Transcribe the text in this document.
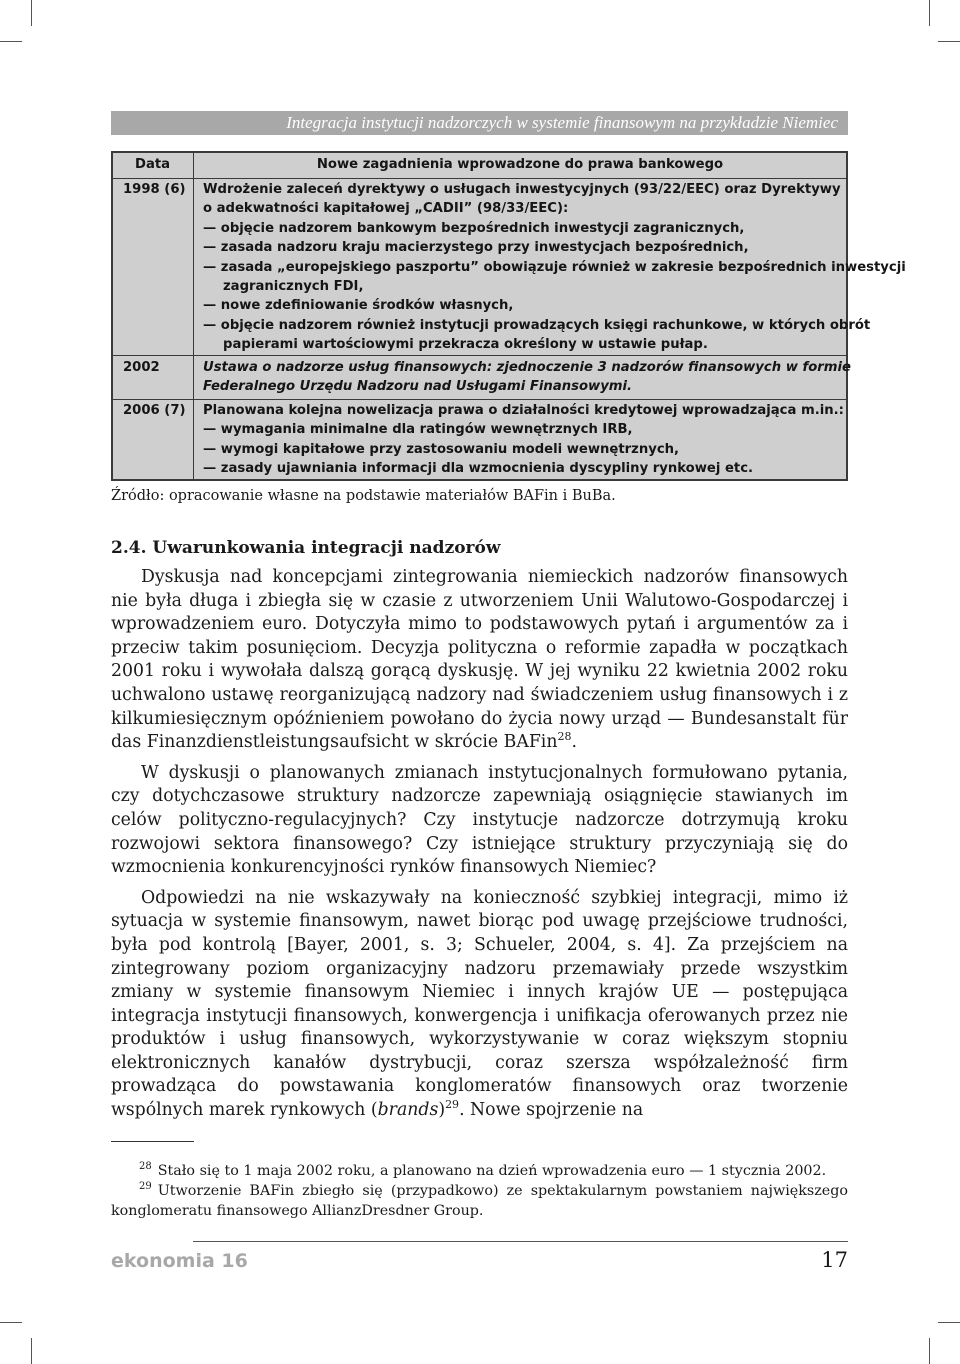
Integracja instytucji nadzorczych w systemie finansowym na przykładzie Niemiec
Data	Nowe zagadnienia wprowadzone do prawa bankowego
1998 (6) Wdrożenie zaleceń dyrektywy o usługach inwestycyjnych (93/22/EEC) oraz Dyrektywy
o adekwatności kapitałowej „CADII” (98/33/EEC):
— objęcie nadzorem bankowym bezpośrednich inwestycji zagranicznych,
— zasada nadzoru kraju macierzystego przy inwestycjach bezpośrednich,
— zasada „europejskiego paszportu” obowiązuje również w zakresie bezpośrednich inwestycji
zagranicznych FDI,
— nowe zdefiniowanie środków własnych,
— objęcie nadzorem również instytucji prowadzących księgi rachunkowe, w których obrót
papierami wartościowymi przekracza określony w ustawie pułap.
2002	Ustawa o nadzorze usług finansowych: zjednoczenie 3 nadzorów finansowych w formie
Federalnego Urzędu Nadzoru nad Usługami Finansowymi.
2006 (7) Planowana kolejna nowelizacja prawa o działalności kredytowej wprowadzająca m.in.:
— wymagania minimalne dla ratingów wewnętrznych IRB,
— wymogi kapitałowe przy zastosowaniu modeli wewnętrznych,
— zasady ujawniania informacji dla wzmocnienia dyscypliny rynkowej etc.
Źródło: opracowanie własne na podstawie materiałów BAFin i BuBa.
2.4. Uwarunkowania integracji nadzorów

Dyskusja nad koncepcjami zintegrowania niemieckich nadzorów finansowych nie była długa i zbiegła się w czasie z utworzeniem Unii Walutowo-Gospodarczej i wprowadzeniem euro. Dotyczyła mimo to podstawowych pytań i argumentów za i przeciw takim posunięciom. Decyzja polityczna o reformie zapadła w początkach 2001 roku i wywołała dalszą gorącą dyskusję. W jej wyniku 22 kwietnia 2002 roku uchwalono ustawę reorganizującą nadzory nad świadczeniem usług finansowych i z kilkumiesięcznym opóźnieniem powołano do życia nowy urząd — Bundesanstalt für das Finanzdienstleistungsaufsicht w skrócie BAFin$^{28}$.

W dyskusji o planowanych zmianach instytucjonalnych formułowano pytania, czy dotychczasowe struktury nadzorcze zapewniają osiągnięcie stawianych im celów polityczno-regulacyjnych? Czy instytucje nadzorcze dotrzymują kroku rozwojowi sektora finansowego? Czy istniejące struktury przyczyniają się do wzmocnienia konkurencyjności rynków finansowych Niemiec?

Odpowiedzi na nie wskazywały na konieczność szybkiej integracji, mimo iż sytuacja w systemie finansowym, nawet biorąc pod uwagę przejściowe trudności, była pod kontrolą [Bayer, 2001, s. 3; Schueler, 2004, s. 4]. Za przejściem na zintegrowany poziom organizacyjny nadzoru przemawiały przede wszystkim zmiany w systemie finansowym Niemiec i innych krajów UE — postępująca integracja instytucji finansowych, konwergencja i unifikacja oferowanych przez nie produktów i usług finansowych, wykorzystywanie w coraz większym stopniu elektronicznych kanałów dystrybucji, coraz szersza współzależność firm prowadząca do powstawania konglomeratów finansowych oraz tworzenie wspólnych marek rynkowych (brands)$^{29}$. Nowe spojrzenie na

$^{28}$ Stało się to 1 maja 2002 roku, a planowano na dzień wprowadzenia euro — 1 stycznia 2002.

$^{29}$ Utworzenie BAFin zbiegło się (przypadkowo) ze spektakularnym powstaniem największego konglomeratu finansowego AllianzDresdner Group.

ekonomia 16	17
